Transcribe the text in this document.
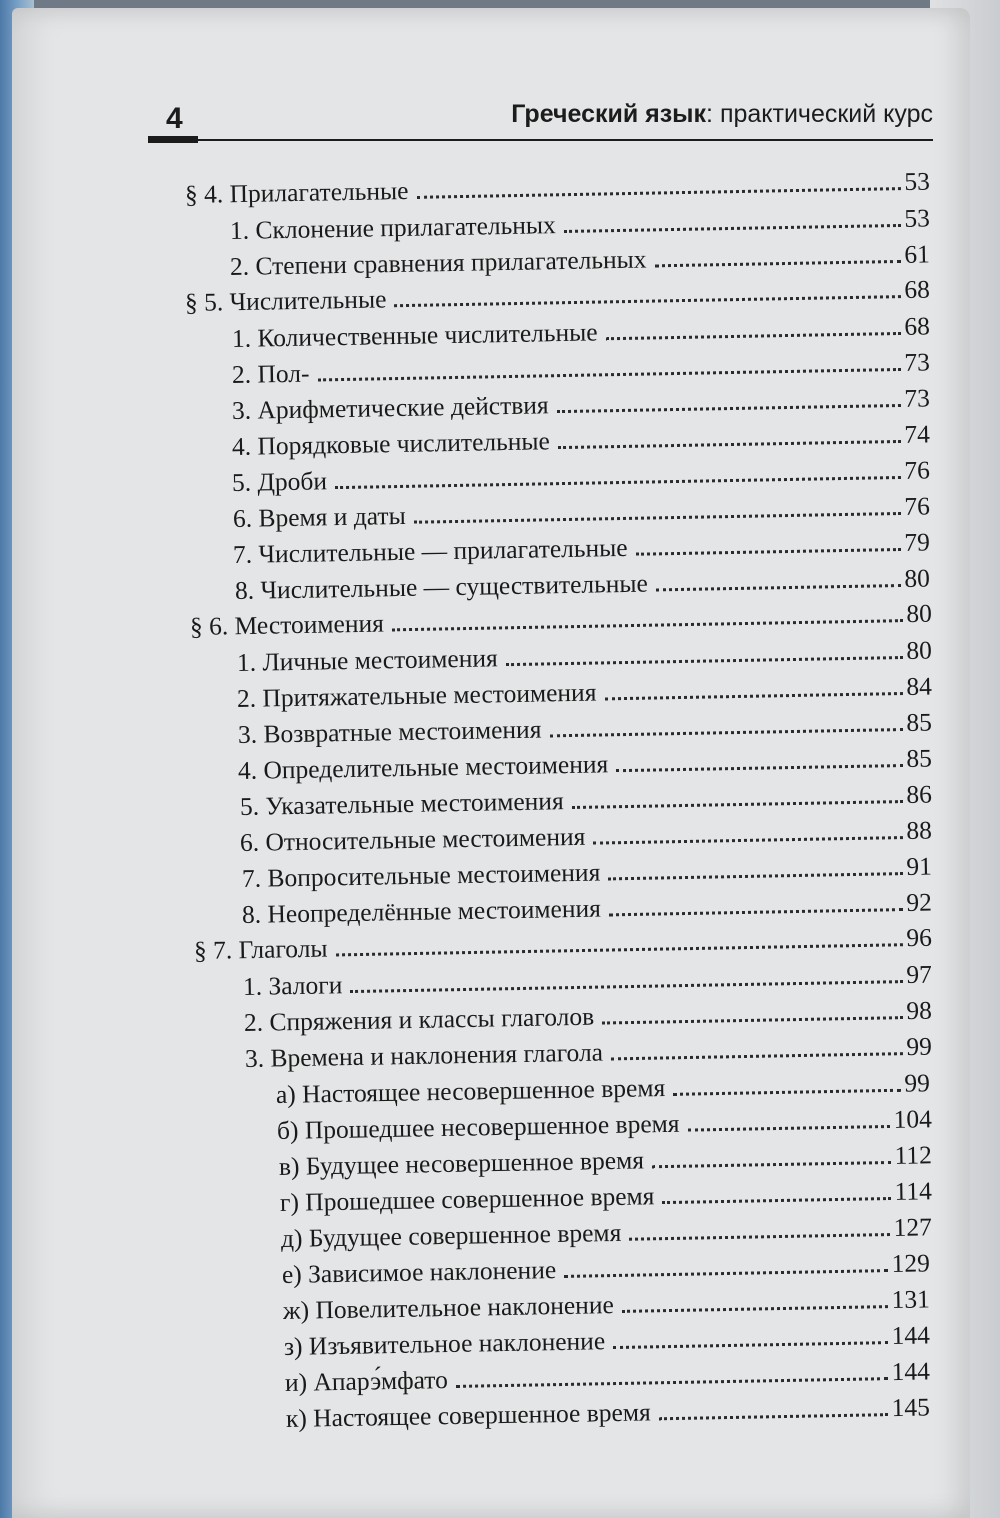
4	Греческий язык: практический курс
§ 4. Прилагательные	53
1. Склонение прилагательных	53
2. Степени сравнения прилагательных	61
§ 5. Числительные	68
1. Количественные числительные	68
2. Пол-	73
3. Арифметические действия	73
4. Порядковые числительные	74
5. Дроби	76
6. Время и даты	76
7. Числительные — прилагательные	79
8. Числительные — существительные	80
§ 6. Местоимения	80
1. Личные местоимения	80
2. Притяжательные местоимения	84
3. Возвратные местоимения	85
4. Определительные местоимения	85
5. Указательные местоимения	86
6. Относительные местоимения	88
7. Вопросительные местоимения	91
8. Неопределённые местоимения	92
§ 7. Глаголы	96
1. Залоги	97
2. Спряжения и классы глаголов	98
3. Времена и наклонения глагола	99
а) Настоящее несовершенное время	99
б) Прошедшее несовершенное время	104
в) Будущее несовершенное время	112
г) Прошедшее совершенное время	114
д) Будущее совершенное время	127
е) Зависимое наклонение	129
ж) Повелительное наклонение	131
з) Изъявительное наклонение	144
и) Апарэ́мфато	144
к) Настоящее совершенное время	145
